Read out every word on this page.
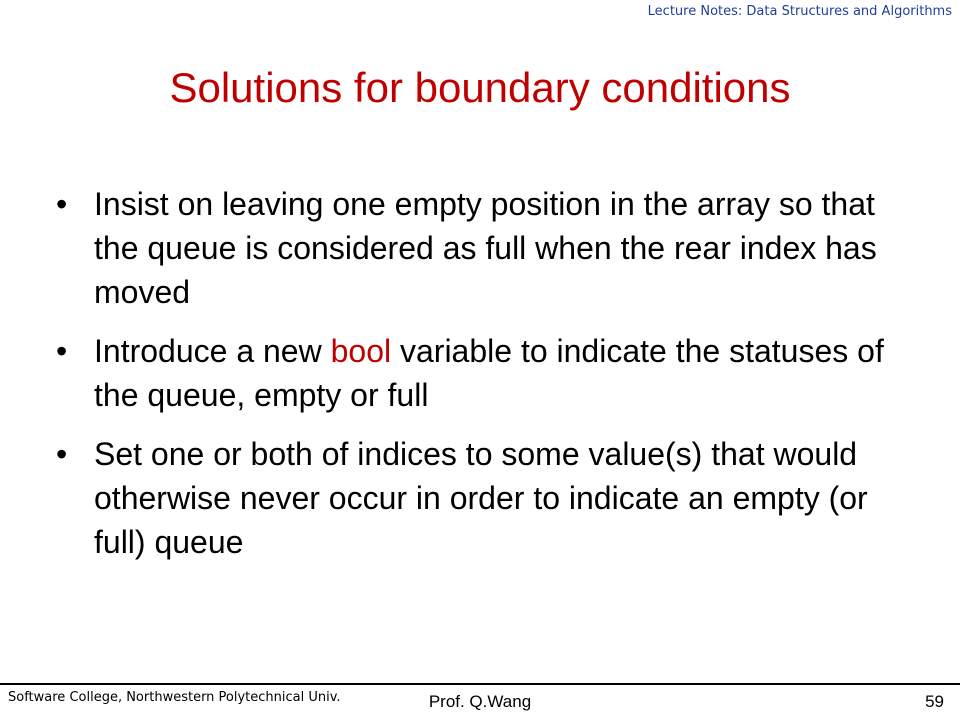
Lecture Notes: Data Structures and Algorithms
Solutions for boundary conditions
• Insist on leaving one empty position in the array so that the queue is considered as full when the rear index has moved
• Introduce a new bool variable to indicate the statuses of the queue, empty or full
• Set one or both of indices to some value(s) that would otherwise never occur in order to indicate an empty (or full) queue
Software College, Northwestern Polytechnical Univ.	Prof. Q.Wang	59
